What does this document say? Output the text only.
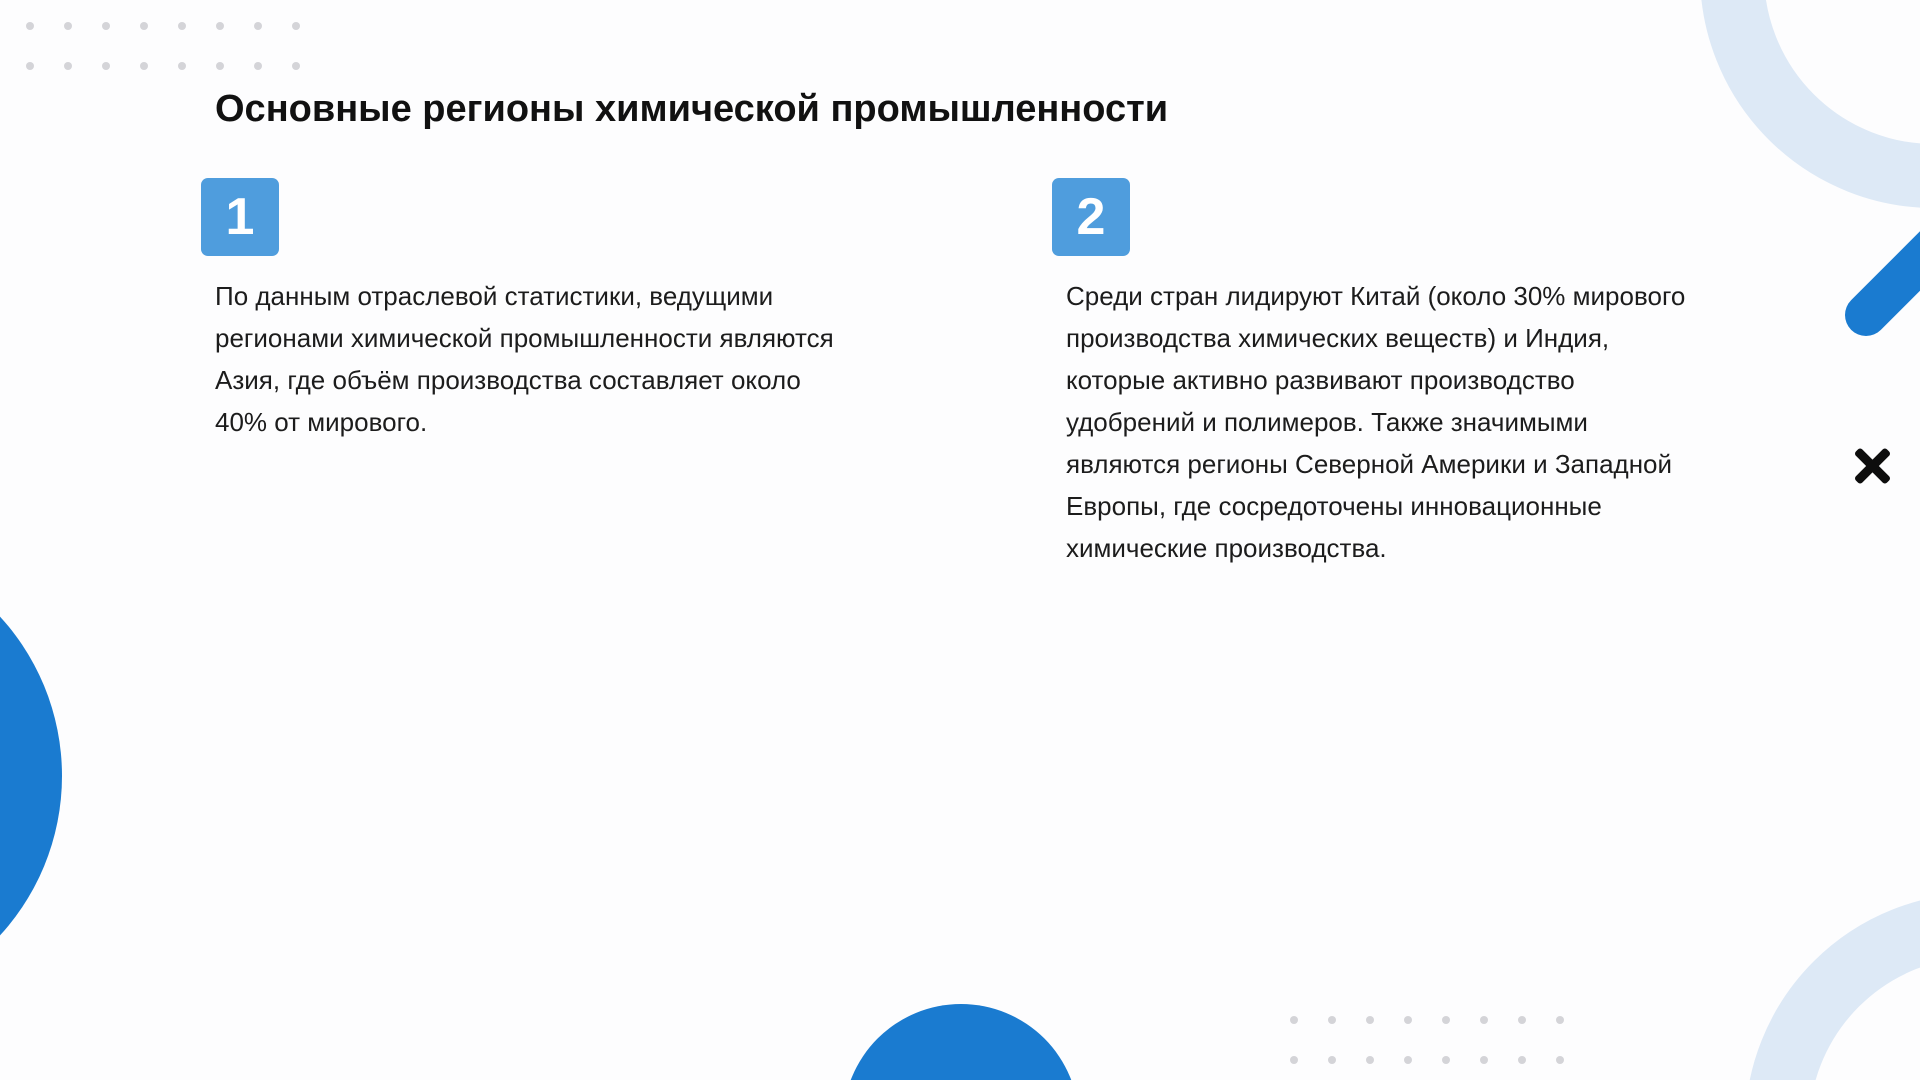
Основные регионы химической промышленности
1

По данным отраслевой статистики, ведущими регионами химической промышленности являются Азия, где объём производства составляет около 40% от мирового.

2

Среди стран лидируют Китай (около 30% мирового производства химических веществ) и Индия, которые активно развивают производство удобрений и полимеров. Также значимыми являются регионы Северной Америки и Западной Европы, где сосредоточены инновационные химические производства.
